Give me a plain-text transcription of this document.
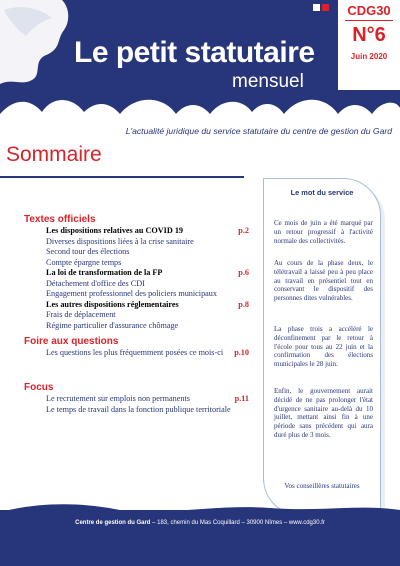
Le petit statutaire
mensuel
CDG30
N°6
Juin 2020
L'actualité juridique du service statutaire du centre de gestion du Gard
Sommaire
Textes officiels
Les dispositions relatives au COVID 19	p.2
Diverses dispositions liées à la crise sanitaire
Second tour des élections
Compte épargne temps
La loi de transformation de la FP	p.6
Détachement d'office des CDI
Engagement professionnel des policiers municipaux
Les autres dispositions réglementaires	p.8
Frais de déplacement
Régime particulier d'assurance chômage
Foire aux questions
Les questions les plus fréquemment posées ce mois-ci p.10
Focus
Le recrutement sur emplois non permanents	p.11
Le temps de travail dans la fonction publique territoriale
Le mot du service

Ce mois de juin a été marqué par un retour progressif à l'activité normale des collectivités.

Au cours de la phase deux, le télétravail a laissé peu à peu place au travail en présentiel tout en conservant le dispositif des personnes dites vulnérables.

La phase trois a accéléré le déconfinement par le retour à l'école pour tous au 22 juin et la confirmation des élections municipales le 28 juin.

Enfin, le gouvernement aurait décidé de ne pas prolonger l'état d'urgence sanitaire au-delà du 10 juillet, mettant ainsi fin à une période sans précédent qui aura duré plus de 3 mois.

Vos conseillères statutaires
Centre de gestion du Gard – 183, chemin du Mas Coquillard – 30900 Nîmes – www.cdg30.fr
